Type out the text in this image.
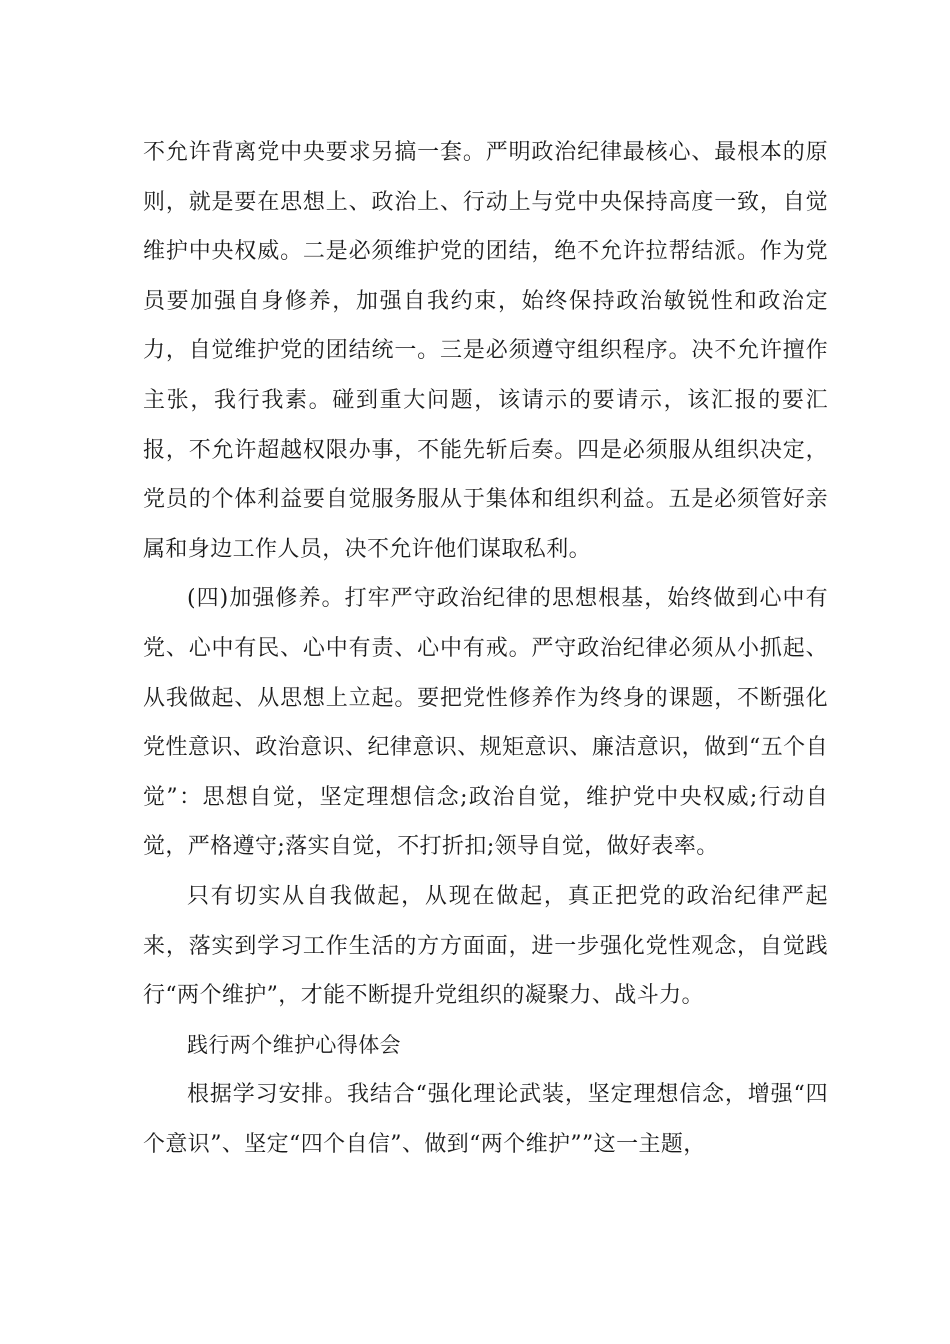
不允许背离党中央要求另搞一套。严明政治纪律最核心、最根本的原则，就是要在思想上、政治上、行动上与党中央保持高度一致，自觉维护中央权威。二是必须维护党的团结，绝不允许拉帮结派。作为党员要加强自身修养，加强自我约束，始终保持政治敏锐性和政治定力，自觉维护党的团结统一。三是必须遵守组织程序。决不允许擅作主张，我行我素。碰到重大问题，该请示的要请示，该汇报的要汇报，不允许超越权限办事，不能先斩后奏。四是必须服从组织决定，党员的个体利益要自觉服务服从于集体和组织利益。五是必须管好亲属和身边工作人员，决不允许他们谋取私利。

(四)加强修养。打牢严守政治纪律的思想根基，始终做到心中有党、心中有民、心中有责、心中有戒。严守政治纪律必须从小抓起、从我做起、从思想上立起。要把党性修养作为终身的课题，不断强化党性意识、政治意识、纪律意识、规矩意识、廉洁意识，做到“五个自觉”：思想自觉，坚定理想信念;政治自觉，维护党中央权威;行动自觉，严格遵守;落实自觉，不打折扣;领导自觉，做好表率。

只有切实从自我做起，从现在做起，真正把党的政治纪律严起来，落实到学习工作生活的方方面面，进一步强化党性观念，自觉践行“两个维护”，才能不断提升党组织的凝聚力、战斗力。

践行两个维护心得体会

根据学习安排。我结合“强化理论武装，坚定理想信念，增强“四个意识”、坚定“四个自信”、做到“两个维护””这一主题，
